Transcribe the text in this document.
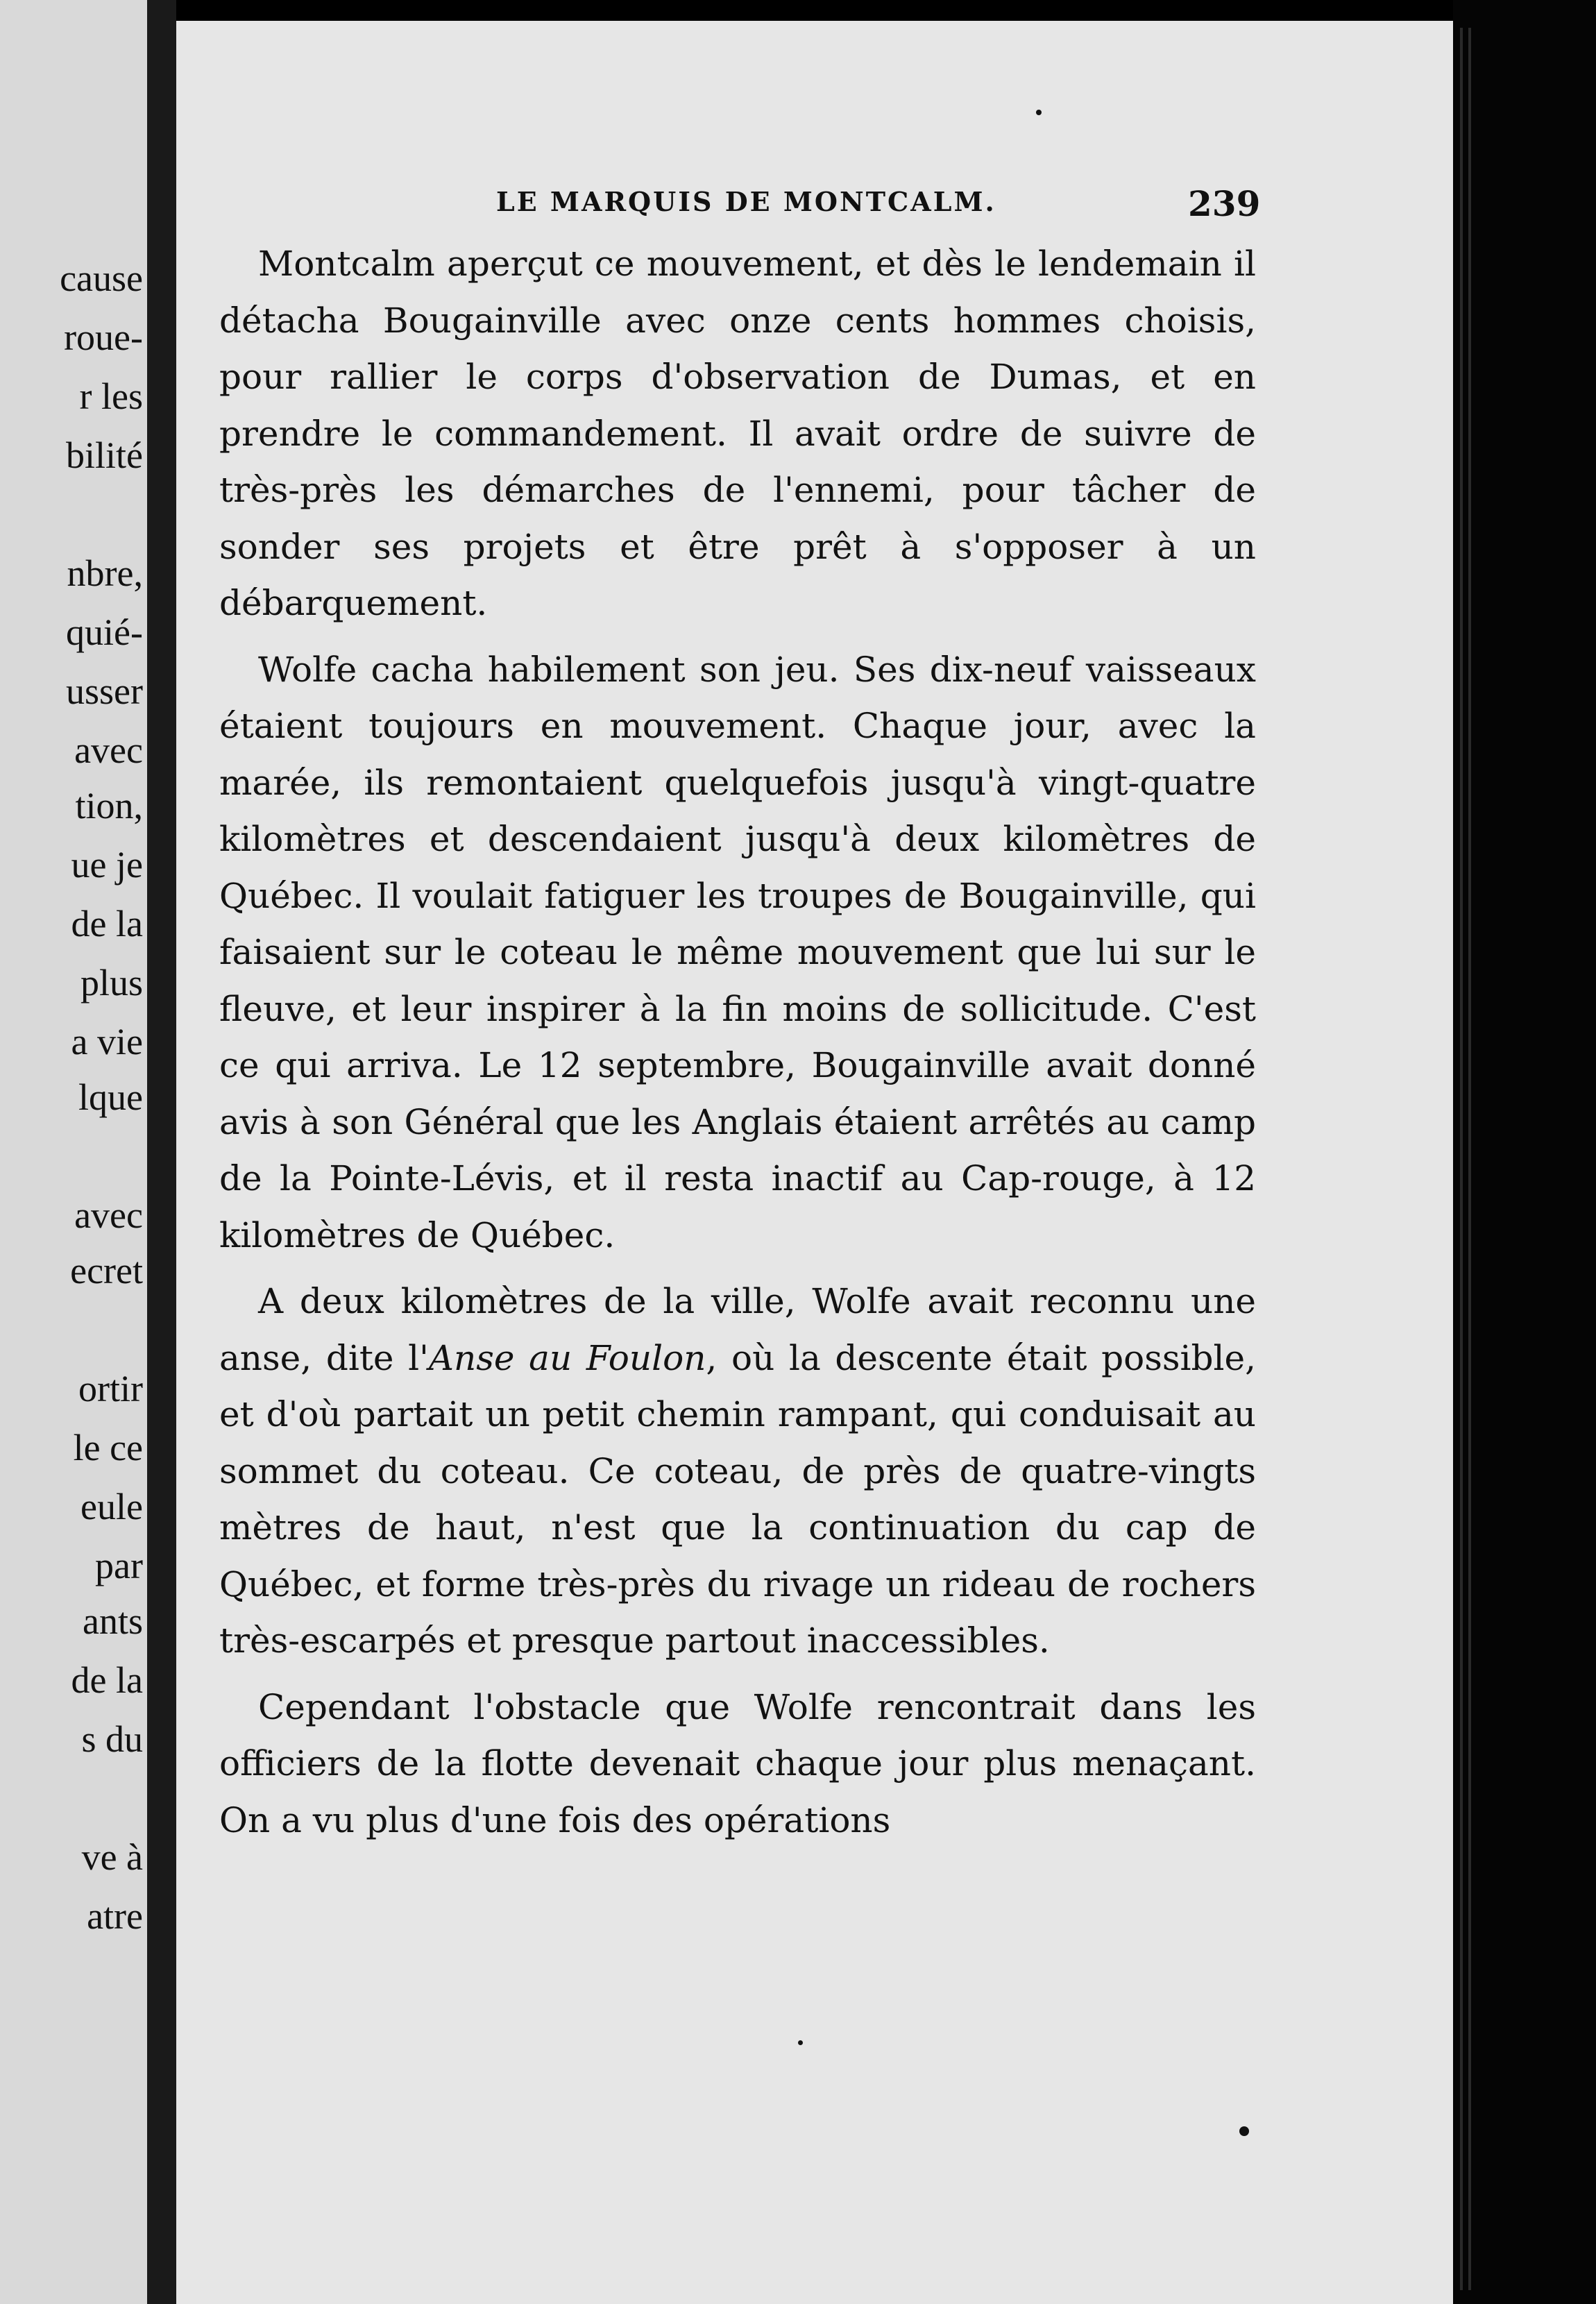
cause
roue-
r les
bilité
nbre,
quié-
usser
avec
tion,
ue je
de la
plus
a vie
lque
avec
ecret
ortir
le ce
eule
par
ants
de la
s du
ve à
atre
LE MARQUIS DE MONTCALM.	239

Montcalm aperçut ce mouvement, et dès le lendemain il détacha Bougainville avec onze cents hommes choisis, pour rallier le corps d'observation de Dumas, et en prendre le commandement. Il avait ordre de suivre de très-près les démarches de l'ennemi, pour tâcher de sonder ses projets et être prêt à s'opposer à un débarquement.

Wolfe cacha habilement son jeu. Ses dix-neuf vaisseaux étaient toujours en mouvement. Chaque jour, avec la marée, ils remontaient quelquefois jusqu'à vingt-quatre kilomètres et descendaient jusqu'à deux kilomètres de Québec. Il voulait fatiguer les troupes de Bougainville, qui faisaient sur le coteau le même mouvement que lui sur le fleuve, et leur inspirer à la fin moins de sollicitude. C'est ce qui arriva. Le 12 septembre, Bougainville avait donné avis à son Général que les Anglais étaient arrêtés au camp de la Pointe-Lévis, et il resta inactif au Cap-rouge, à 12 kilomètres de Québec.

A deux kilomètres de la ville, Wolfe avait reconnu une anse, dite l'Anse au Foulon, où la descente était possible, et d'où partait un petit chemin rampant, qui conduisait au sommet du coteau. Ce coteau, de près de quatre-vingts mètres de haut, n'est que la continuation du cap de Québec, et forme très-près du rivage un rideau de rochers très-escarpés et presque partout inaccessibles.

Cependant l'obstacle que Wolfe rencontrait dans les officiers de la flotte devenait chaque jour plus menaçant. On a vu plus d'une fois des opérations
